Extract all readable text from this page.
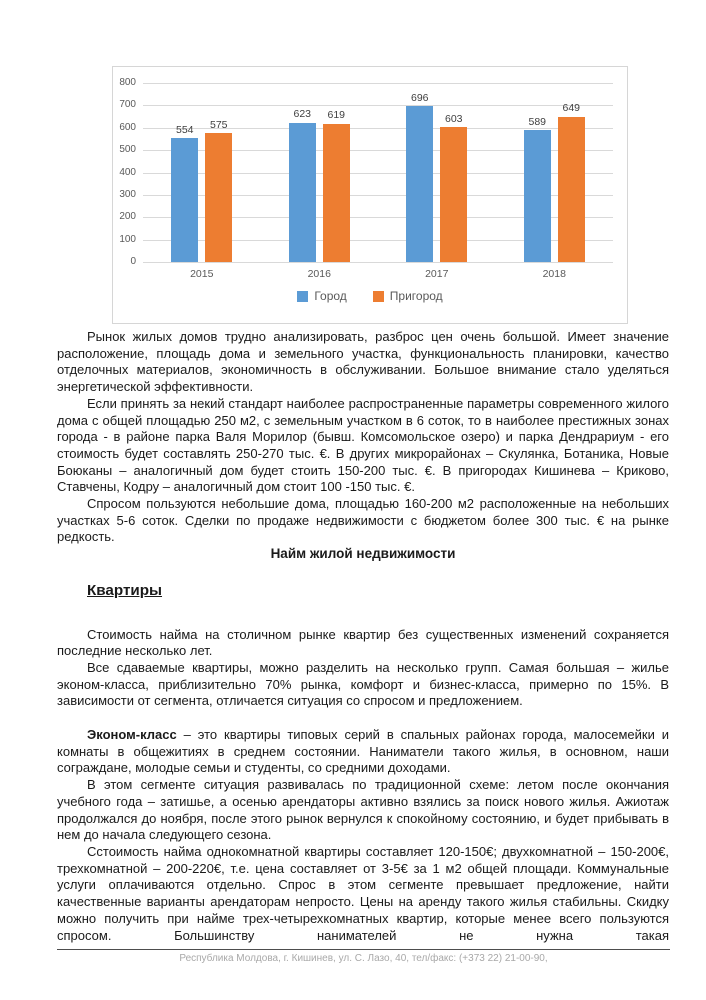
0
100
200
300
400
500
600
700
800
554 575
623 619
696
603	589
649
2015	2016	2017	2018
Город	Пригород

Рынок жилых домов трудно анализировать, разброс цен очень большой. Имеет значение расположение, площадь дома и земельного участка, функциональность планировки, качество отделочных материалов, экономичность в обслуживании. Большое внимание стало уделяться энергетической эффективности.

Если принять за некий стандарт наиболее распространенные параметры современного жилого дома с общей площадью 250 м2, с земельным участком в 6 соток, то в наиболее престижных зонах города - в районе парка Валя Морилор (бывш. Комсомольское озеро) и парка Дендрариум - его стоимость будет составлять 250-270 тыс. €. В других микрорайонах – Скулянка, Ботаника, Новые Боюканы – аналогичный дом будет стоить 150-200 тыс. €. В пригородах Кишинева – Криково, Ставчены, Кодру – аналогичный дом стоит 100 -150 тыс. €.

Спросом пользуются небольшие дома, площадью 160-200 м2 расположенные на небольших участках 5-6 соток. Сделки по продаже недвижимости с бюджетом более 300 тыс. € на рынке редкость.

Найм жилой недвижимости
Квартиры

Стоимость найма на столичном рынке квартир без существенных изменений сохраняется последние несколько лет.

Все сдаваемые квартиры, можно разделить на несколько групп. Самая большая – жилье эконом-класса, приблизительно 70% рынка, комфорт и бизнес-класса, примерно по 15%. В зависимости от сегмента, отличается ситуация со спросом и предложением.

Эконом-класс – это квартиры типовых серий в спальных районах города, малосемейки и комнаты в общежитиях в среднем состоянии. Наниматели такого жилья, в основном, наши сограждане, молодые семьи и студенты, со средними доходами.

В этом сегменте ситуация развивалась по традиционной схеме: летом после окончания учебного года – затишье, а осенью арендаторы активно взялись за поиск нового жилья. Ажиотаж продолжался до ноября, после этого рынок вернулся к спокойному состоянию, и будет прибывать в нем до начала следующего сезона.

Сстоимость найма однокомнатной квартиры составляет 120-150€; двухкомнатной – 150-200€, трехкомнатной – 200-220€, т.е. цена составляет от 3-5€ за 1 м2 общей площади. Коммунальные услуги оплачиваются отдельно. Спрос в этом сегменте превышает предложение, найти качественные варианты арендаторам непросто. Цены на аренду такого жилья стабильны. Скидку можно получить при найме трех-четырехкомнатных квартир, которые менее всего пользуются спросом. Большинству нанимателей не нужна такая

Республика Молдова, г. Кишинев, ул. С. Лазо, 40, тел/факс: (+373 22) 21-00-90,
